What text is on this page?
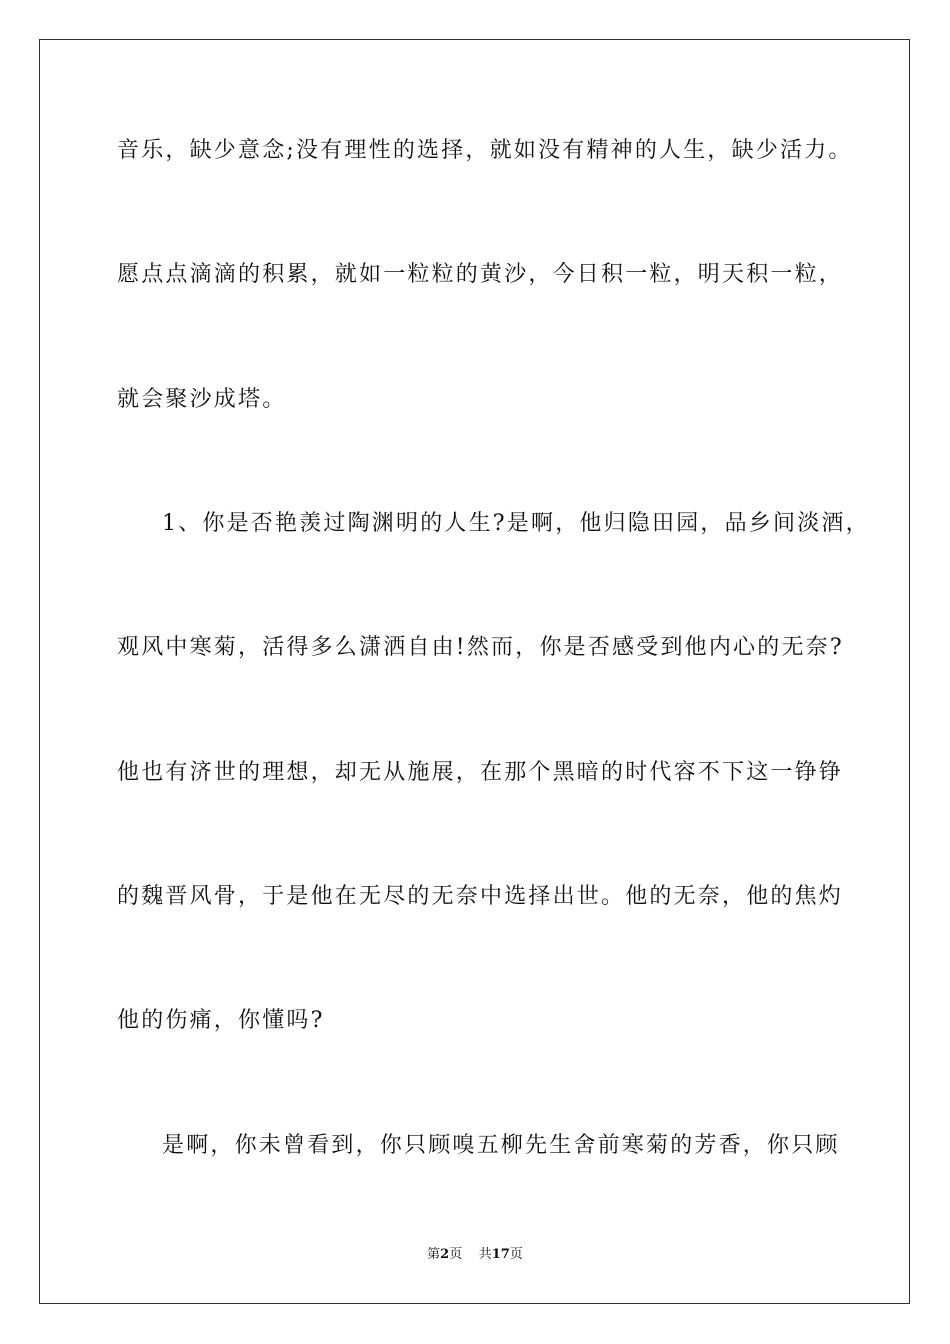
音乐，缺少意念;没有理性的选择，就如没有精神的人生，缺少活力。
愿点点滴滴的积累，就如一粒粒的黄沙，今日积一粒，明天积一粒，
就会聚沙成塔。
1、你是否艳羡过陶渊明的人生?是啊，他归隐田园，品乡间淡酒，
观风中寒菊，活得多么潇洒自由!然而，你是否感受到他内心的无奈?
他也有济世的理想，却无从施展，在那个黑暗的时代容不下这一铮铮
的魏晋风骨，于是他在无尽的无奈中选择出世。他的无奈，他的焦灼
他的伤痛，你懂吗?
是啊，你未曾看到，你只顾嗅五柳先生舍前寒菊的芳香，你只顾
第2页 共17页
